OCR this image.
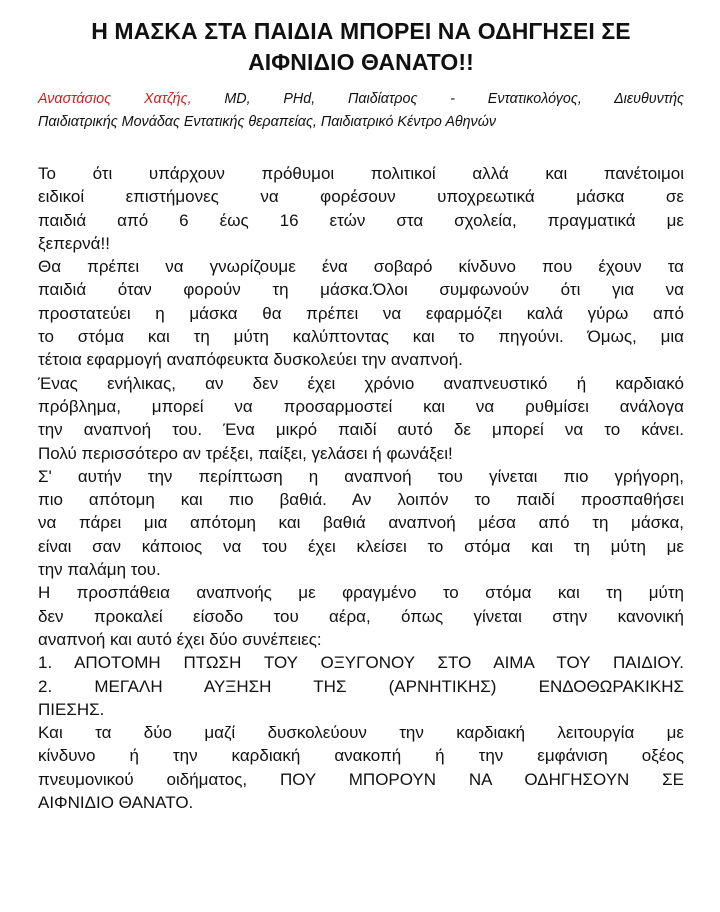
Η ΜΑΣΚΑ ΣΤΑ ΠΑΙΔΙΑ ΜΠΟΡΕΙ ΝΑ ΟΔΗΓΗΣΕΙ ΣΕ
ΑΙΦΝΙΔΙΟ ΘΑΝΑΤΟ!!
Αναστάσιος Χατζής, MD, PHd, Παιδίατρος - Εντατικολόγος, Διευθυντής
Παιδιατρικής Μονάδας Εντατικής θεραπείας, Παιδιατρικό Κέντρο Αθηνών
Το ότι υπάρχουν πρόθυμοι πολιτικοί αλλά και πανέτοιμοι
ειδικοί επιστήμονες να φορέσουν υποχρεωτικά μάσκα σε
παιδιά από 6 έως 16 ετών στα σχολεία, πραγματικά με
ξεπερνά!!
Θα πρέπει να γνωρίζουμε ένα σοβαρό κίνδυνο που έχουν τα
παιδιά όταν φορούν τη μάσκα.Όλοι συμφωνούν ότι για να
προστατεύει η μάσκα θα πρέπει να εφαρμόζει καλά γύρω από
το στόμα και τη μύτη καλύπτοντας και το πηγούνι. Όμως, μια
τέτοια εφαρμογή αναπόφευκτα δυσκολεύει την αναπνοή.
Ένας ενήλικας, αν δεν έχει χρόνιο αναπνευστικό ή καρδιακό
πρόβλημα, μπορεί να προσαρμοστεί και να ρυθμίσει ανάλογα
την αναπνοή του. Ένα μικρό παιδί αυτό δε μπορεί να το κάνει.
Πολύ περισσότερο αν τρέξει, παίξει, γελάσει ή φωνάξει!
Σ' αυτήν την περίπτωση η αναπνοή του γίνεται πιο γρήγορη,
πιο απότομη και πιο βαθιά. Αν λοιπόν το παιδί προσπαθήσει
να πάρει μια απότομη και βαθιά αναπνοή μέσα από τη μάσκα,
είναι σαν κάποιος να του έχει κλείσει το στόμα και τη μύτη με
την παλάμη του.
Η προσπάθεια αναπνοής με φραγμένο το στόμα και τη μύτη
δεν προκαλεί είσοδο του αέρα, όπως γίνεται στην κανονική
αναπνοή και αυτό έχει δύο συνέπειες:
1. ΑΠΟΤΟΜΗ ΠΤΩΣΗ ΤΟΥ ΟΞΥΓΟΝΟΥ ΣΤΟ ΑΙΜΑ ΤΟΥ ΠΑΙΔΙΟΥ.
2. ΜΕΓΑΛΗ ΑΥΞΗΣΗ ΤΗΣ (ΑΡΝΗΤΙΚΗΣ) ΕΝΔΟΘΩΡΑΚΙΚΗΣ
ΠΙΕΣΗΣ.
Και τα δύο μαζί δυσκολεύουν την καρδιακή λειτουργία με
κίνδυνο ή την καρδιακή ανακοπή ή την εμφάνιση οξέος
πνευμονικού οιδήματος, ΠΟΥ ΜΠΟΡΟΥΝ ΝΑ ΟΔΗΓΗΣΟΥΝ ΣΕ
ΑΙΦΝΙΔΙΟ ΘΑΝΑΤΟ.
